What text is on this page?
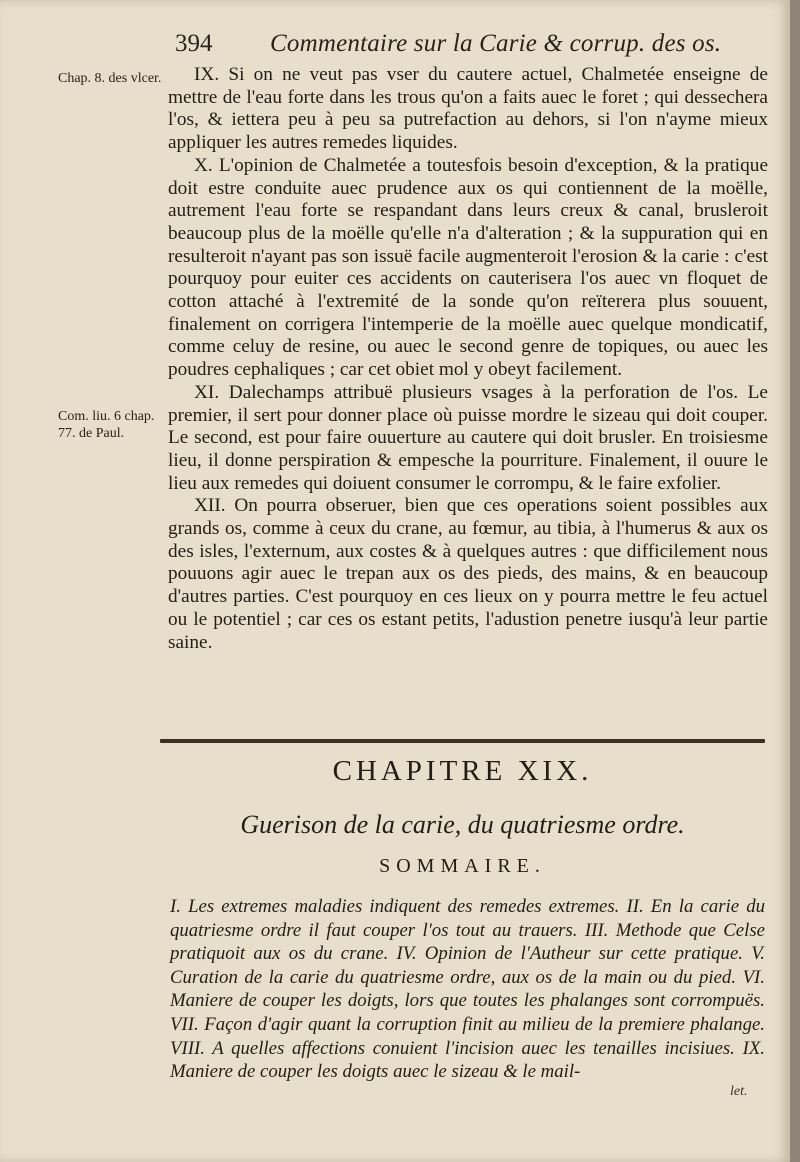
394 Commentaire sur la Carie & corrup. des os.
Chap. 8. des vlcer.
Com. liu. 6 chap. 77. de Paul.

IX. Si on ne veut pas vser du cautere actuel, Chalmetée enseigne de mettre de l'eau forte dans les trous qu'on a faits auec le foret ; qui dessechera l'os, & iettera peu à peu sa putrefaction au dehors, si l'on n'ayme mieux appliquer les autres remedes liquides.

X. L'opinion de Chalmetée a toutesfois besoin d'exception, & la pratique doit estre conduite auec prudence aux os qui contiennent de la moëlle, autrement l'eau forte se respandant dans leurs creux & canal, brusleroit beaucoup plus de la moëlle qu'elle n'a d'alteration ; & la suppuration qui en resulteroit n'ayant pas son issuë facile augmenteroit l'erosion & la carie : c'est pourquoy pour euiter ces accidents on cauterisera l'os auec vn floquet de cotton attaché à l'extremité de la sonde qu'on reïterera plus souuent, finalement on corrigera l'intemperie de la moëlle auec quelque mondicatif, comme celuy de resine, ou auec le second genre de topiques, ou auec les poudres cephaliques ; car cet obiet mol y obeyt facilement.

XI. Dalechamps attribuë plusieurs vsages à la perforation de l'os. Le premier, il sert pour donner place où puisse mordre le sizeau qui doit couper. Le second, est pour faire ouuerture au cautere qui doit brusler. En troisiesme lieu, il donne perspiration & empesche la pourriture. Finalement, il ouure le lieu aux remedes qui doiuent consumer le corrompu, & le faire exfolier.

XII. On pourra obseruer, bien que ces operations soient possibles aux grands os, comme à ceux du crane, au fœmur, au tibia, à l'humerus & aux os des isles, l'externum, aux costes & à quelques autres : que difficilement nous pouuons agir auec le trepan aux os des pieds, des mains, & en beaucoup d'autres parties. C'est pourquoy en ces lieux on y pourra mettre le feu actuel ou le potentiel ; car ces os estant petits, l'adustion penetre iusqu'à leur partie saine.

CHAPITRE XIX.
Guerison de la carie, du quatriesme ordre.
SOMMAIRE.

I. Les extremes maladies indiquent des remedes extremes. II. En la carie du quatriesme ordre il faut couper l'os tout au trauers. III. Methode que Celse pratiquoit aux os du crane. IV. Opinion de l'Autheur sur cette pratique. V. Curation de la carie du quatriesme ordre, aux os de la main ou du pied. VI. Maniere de couper les doigts, lors que toutes les phalanges sont corrompuës. VII. Façon d'agir quant la corruption finit au milieu de la premiere phalange. VIII. A quelles affections conuient l'incision auec les tenailles incisiues. IX. Maniere de couper les doigts auec le sizeau & le mail-

let.
